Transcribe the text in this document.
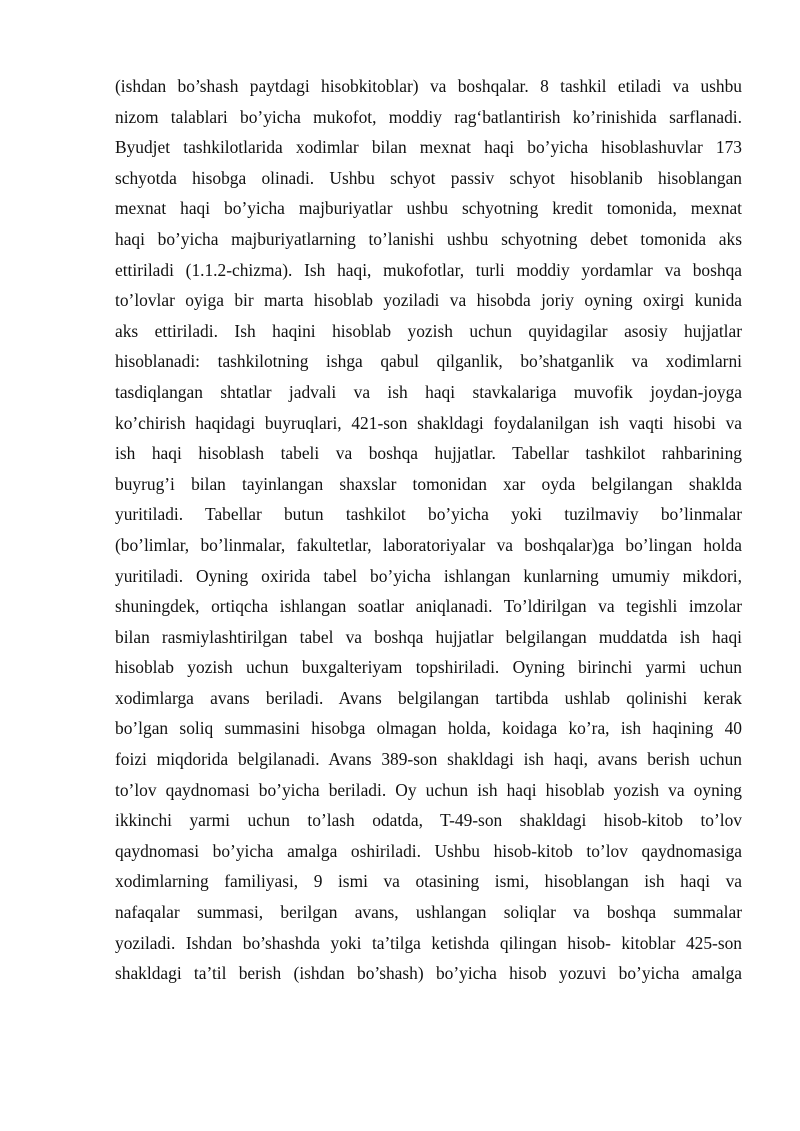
(ishdan bo’shash paytdagi hisobkitoblar) va boshqalar. 8 tashkil etiladi va ushbu
nizom talablari bo’yicha mukofot, moddiy rag‘batlantirish ko’rinishida sarflanadi.
Byudjet tashkilotlarida xodimlar bilan mexnat haqi bo’yicha hisoblashuvlar 173
schyotda hisobga olinadi. Ushbu schyot passiv schyot hisoblanib hisoblangan
mexnat haqi bo’yicha majburiyatlar ushbu schyotning kredit tomonida, mexnat
haqi bo’yicha majburiyatlarning to’lanishi ushbu schyotning debet tomonida aks
ettiriladi (1.1.2-chizma). Ish haqi, mukofotlar, turli moddiy yordamlar va boshqa
to’lovlar oyiga bir marta hisoblab yoziladi va hisobda joriy oyning oxirgi kunida
aks ettiriladi. Ish haqini hisoblab yozish uchun quyidagilar asosiy hujjatlar
hisoblanadi: tashkilotning ishga qabul qilganlik, bo’shatganlik va xodimlarni
tasdiqlangan shtatlar jadvali va ish haqi stavkalariga muvofik joydan-joyga
ko’chirish haqidagi buyruqlari, 421-son shakldagi foydalanilgan ish vaqti hisobi va
ish haqi hisoblash tabeli va boshqa hujjatlar. Tabellar tashkilot rahbarining
buyrug’i bilan tayinlangan shaxslar tomonidan xar oyda belgilangan shaklda
yuritiladi. Tabellar butun tashkilot bo’yicha yoki tuzilmaviy bo’linmalar
(bo’limlar, bo’linmalar, fakultetlar, laboratoriyalar va boshqalar)ga bo’lingan holda
yuritiladi. Oyning oxirida tabel bo’yicha ishlangan kunlarning umumiy mikdori,
shuningdek, ortiqcha ishlangan soatlar aniqlanadi. To’ldirilgan va tegishli imzolar
bilan rasmiylashtirilgan tabel va boshqa hujjatlar belgilangan muddatda ish haqi
hisoblab yozish uchun buxgalteriyam topshiriladi. Oyning birinchi yarmi uchun
xodimlarga avans beriladi. Avans belgilangan tartibda ushlab qolinishi kerak
bo’lgan soliq summasini hisobga olmagan holda, koidaga ko’ra, ish haqining 40
foizi miqdorida belgilanadi. Avans 389-son shakldagi ish haqi, avans berish uchun
to’lov qaydnomasi bo’yicha beriladi. Oy uchun ish haqi hisoblab yozish va oyning
ikkinchi yarmi uchun to’lash odatda, T-49-son shakldagi hisob-kitob to’lov
qaydnomasi bo’yicha amalga oshiriladi. Ushbu hisob-kitob to’lov qaydnomasiga
xodimlarning familiyasi, 9 ismi va otasining ismi, hisoblangan ish haqi va
nafaqalar summasi, berilgan avans, ushlangan soliqlar va boshqa summalar
yoziladi. Ishdan bo’shashda yoki ta’tilga ketishda qilingan hisob- kitoblar 425-son
shakldagi ta’til berish (ishdan bo’shash) bo’yicha hisob yozuvi bo’yicha amalga
